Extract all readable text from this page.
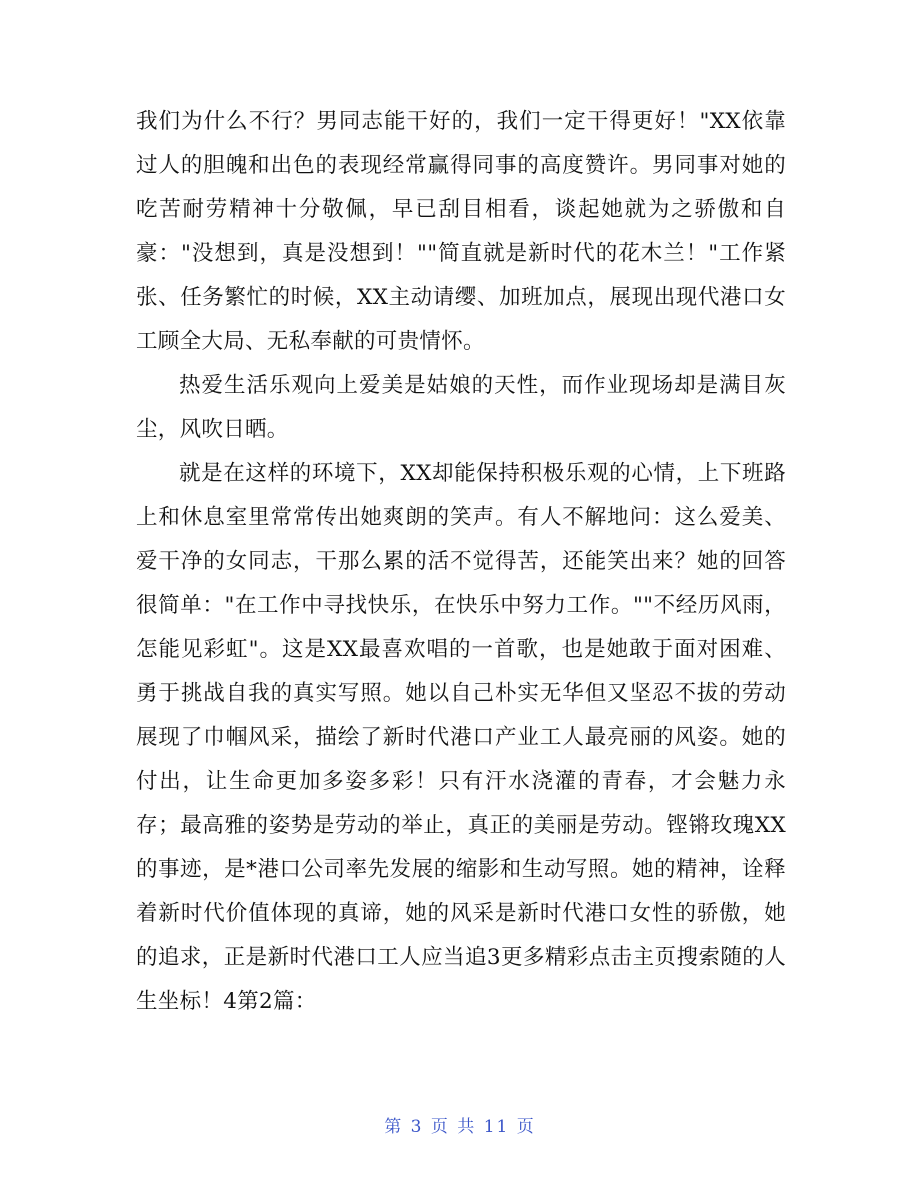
我们为什么不行？男同志能干好的，我们一定干得更好！"XX依靠过人的胆魄和出色的表现经常赢得同事的高度赞许。男同事对她的吃苦耐劳精神十分敬佩，早已刮目相看，谈起她就为之骄傲和自豪："没想到，真是没想到！""简直就是新时代的花木兰！"工作紧张、任务繁忙的时候，XX主动请缨、加班加点，展现出现代港口女工顾全大局、无私奉献的可贵情怀。

热爱生活乐观向上爱美是姑娘的天性，而作业现场却是满目灰尘，风吹日晒。

就是在这样的环境下，XX却能保持积极乐观的心情，上下班路上和休息室里常常传出她爽朗的笑声。有人不解地问：这么爱美、爱干净的女同志，干那么累的活不觉得苦，还能笑出来？她的回答很简单："在工作中寻找快乐，在快乐中努力工作。""不经历风雨，怎能见彩虹"。这是XX最喜欢唱的一首歌，也是她敢于面对困难、勇于挑战自我的真实写照。她以自己朴实无华但又坚忍不拔的劳动展现了巾帼风采，描绘了新时代港口产业工人最亮丽的风姿。她的付出，让生命更加多姿多彩！只有汗水浇灌的青春，才会魅力永存；最高雅的姿势是劳动的举止，真正的美丽是劳动。铿锵玫瑰XX的事迹，是*港口公司率先发展的缩影和生动写照。她的精神，诠释着新时代价值体现的真谛，她的风采是新时代港口女性的骄傲，她的追求，正是新时代港口工人应当追3更多精彩点击主页搜索随的人生坐标！4第2篇：

第 3 页 共 11 页
